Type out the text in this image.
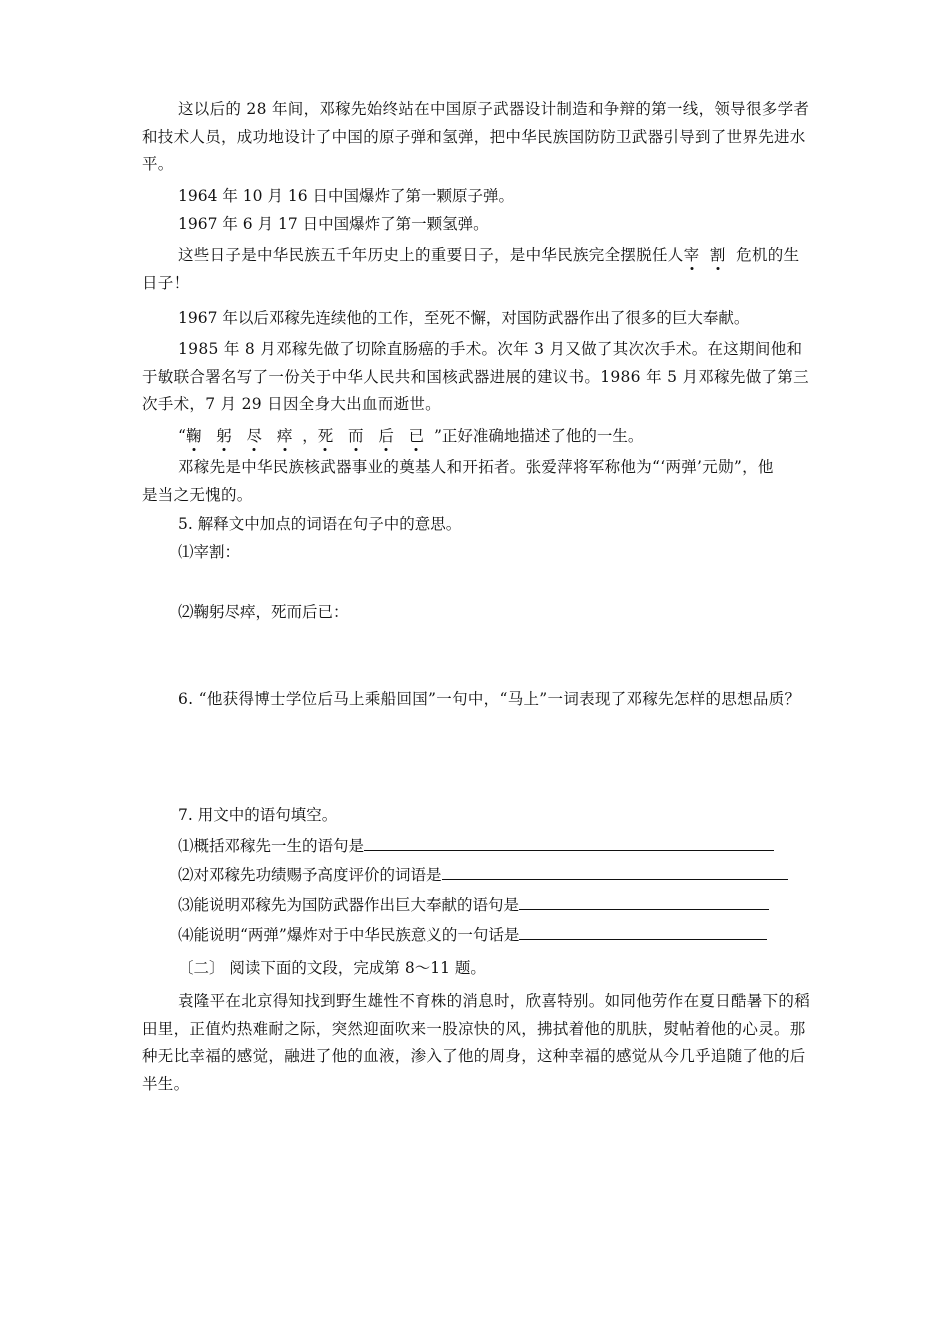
这以后的 28 年间，邓稼先始终站在中国原子武器设计制造和争辩的第一线，领导很多学者和技术人员，成功地设计了中国的原子弹和氢弹，把中华民族国防防卫武器引导到了世界先进水平。

1964 年 10 月 16 日中国爆炸了第一颗原子弹。

1967 年 6 月 17 日中国爆炸了第一颗氢弹。

这些日子是中华民族五千年历史上的重要日子，是中华民族完全摆脱任人宰 割 危机的生日子！

1967 年以后邓稼先连续他的工作，至死不懈，对国防武器作出了很多的巨大奉献。

1985 年 8 月邓稼先做了切除直肠癌的手术。次年 3 月又做了其次次手术。在这期间他和于敏联合署名写了一份关于中华人民共和国核武器进展的建议书。1986 年 5 月邓稼先做了第三次手术，7 月 29 日因全身大出血而逝世。

“鞠 躬 尽 瘁 ，死 而 后 已 ”正好准确地描述了他的一生。

邓稼先是中华民族核武器事业的奠基人和开拓者。张爱萍将军称他为“‘两弹’元勋”，他是当之无愧的。

5. 解释文中加点的词语在句子中的意思。

⑴宰割：

⑵鞠躬尽瘁，死而后已：

6. “他获得博士学位后马上乘船回国”一句中，“马上”一词表现了邓稼先怎样的思想品质？

7. 用文中的语句填空。

⑴概括邓稼先一生的语句是

⑵对邓稼先功绩赐予高度评价的词语是

⑶能说明邓稼先为国防武器作出巨大奉献的语句是

⑷能说明“两弹”爆炸对于中华民族意义的一句话是

〔二〕 阅读下面的文段，完成第 8～11 题。

袁隆平在北京得知找到野生雄性不育株的消息时，欣喜特别。如同他劳作在夏日酷暑下的稻田里，正值灼热难耐之际，突然迎面吹来一股凉快的风，拂拭着他的肌肤，熨帖着他的心灵。那种无比幸福的感觉，融进了他的血液，渗入了他的周身，这种幸福的感觉从今几乎追随了他的后半生。
